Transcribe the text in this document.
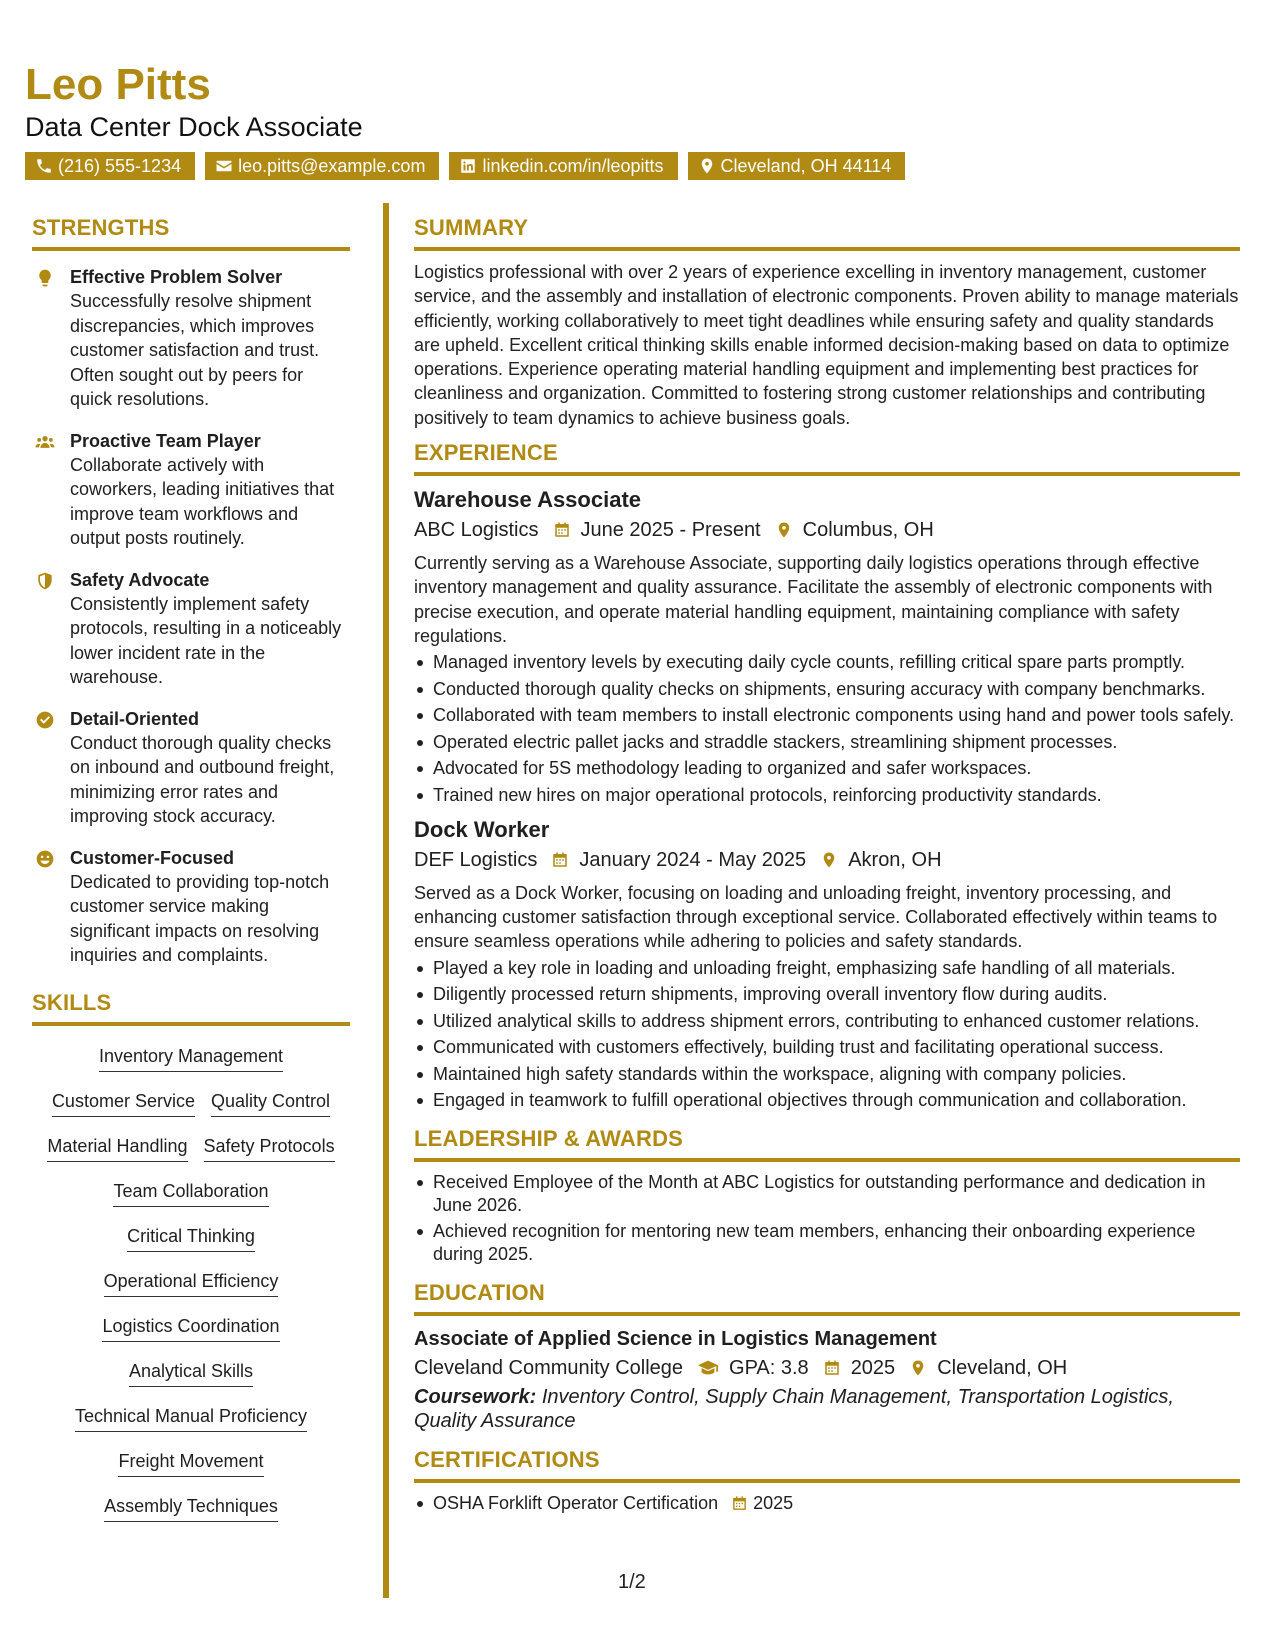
Leo Pitts
Data Center Dock Associate
(216) 555-1234	leo.pitts@example.com	linkedin.com/in/leopitts	Cleveland, OH 44114
STRENGTHS
Effective Problem Solver
Successfully resolve shipment discrepancies, which improves customer satisfaction and trust. Often sought out by peers for quick resolutions.
Proactive Team Player
Collaborate actively with coworkers, leading initiatives that improve team workflows and output posts routinely.
Safety Advocate
Consistently implement safety protocols, resulting in a noticeably lower incident rate in the warehouse.
Detail-Oriented
Conduct thorough quality checks on inbound and outbound freight, minimizing error rates and improving stock accuracy.
Customer-Focused
Dedicated to providing top-notch customer service making significant impacts on resolving inquiries and complaints.
SKILLS
Inventory Management
Customer Service Quality Control
Material Handling Safety Protocols
Team Collaboration
Critical Thinking
Operational Efficiency
Logistics Coordination
Analytical Skills
Technical Manual Proficiency
Freight Movement
Assembly Techniques
SUMMARY
Logistics professional with over 2 years of experience excelling in inventory management, customer service, and the assembly and installation of electronic components. Proven ability to manage materials efficiently, working collaboratively to meet tight deadlines while ensuring safety and quality standards are upheld. Excellent critical thinking skills enable informed decision-making based on data to optimize operations. Experience operating material handling equipment and implementing best practices for cleanliness and organization. Committed to fostering strong customer relationships and contributing positively to team dynamics to achieve business goals.
EXPERIENCE
Warehouse Associate
ABC Logistics June 2025 - Present Columbus, OH
Currently serving as a Warehouse Associate, supporting daily logistics operations through effective inventory management and quality assurance. Facilitate the assembly of electronic components with precise execution, and operate material handling equipment, maintaining compliance with safety regulations.
Managed inventory levels by executing daily cycle counts, refilling critical spare parts promptly.
Conducted thorough quality checks on shipments, ensuring accuracy with company benchmarks.
Collaborated with team members to install electronic components using hand and power tools safely.
Operated electric pallet jacks and straddle stackers, streamlining shipment processes.
Advocated for 5S methodology leading to organized and safer workspaces.
Trained new hires on major operational protocols, reinforcing productivity standards.
Dock Worker
DEF Logistics January 2024 - May 2025 Akron, OH
Served as a Dock Worker, focusing on loading and unloading freight, inventory processing, and enhancing customer satisfaction through exceptional service. Collaborated effectively within teams to ensure seamless operations while adhering to policies and safety standards.
Played a key role in loading and unloading freight, emphasizing safe handling of all materials.
Diligently processed return shipments, improving overall inventory flow during audits.
Utilized analytical skills to address shipment errors, contributing to enhanced customer relations.
Communicated with customers effectively, building trust and facilitating operational success.
Maintained high safety standards within the workspace, aligning with company policies.
Engaged in teamwork to fulfill operational objectives through communication and collaboration.
LEADERSHIP & AWARDS
Received Employee of the Month at ABC Logistics for outstanding performance and dedication in June 2026.
Achieved recognition for mentoring new team members, enhancing their onboarding experience during 2025.
EDUCATION
Associate of Applied Science in Logistics Management
Cleveland Community College GPA: 3.8 2025 Cleveland, OH
Coursework: Inventory Control, Supply Chain Management, Transportation Logistics, Quality Assurance
CERTIFICATIONS
OSHA Forklift Operator Certification 2025
1/2
